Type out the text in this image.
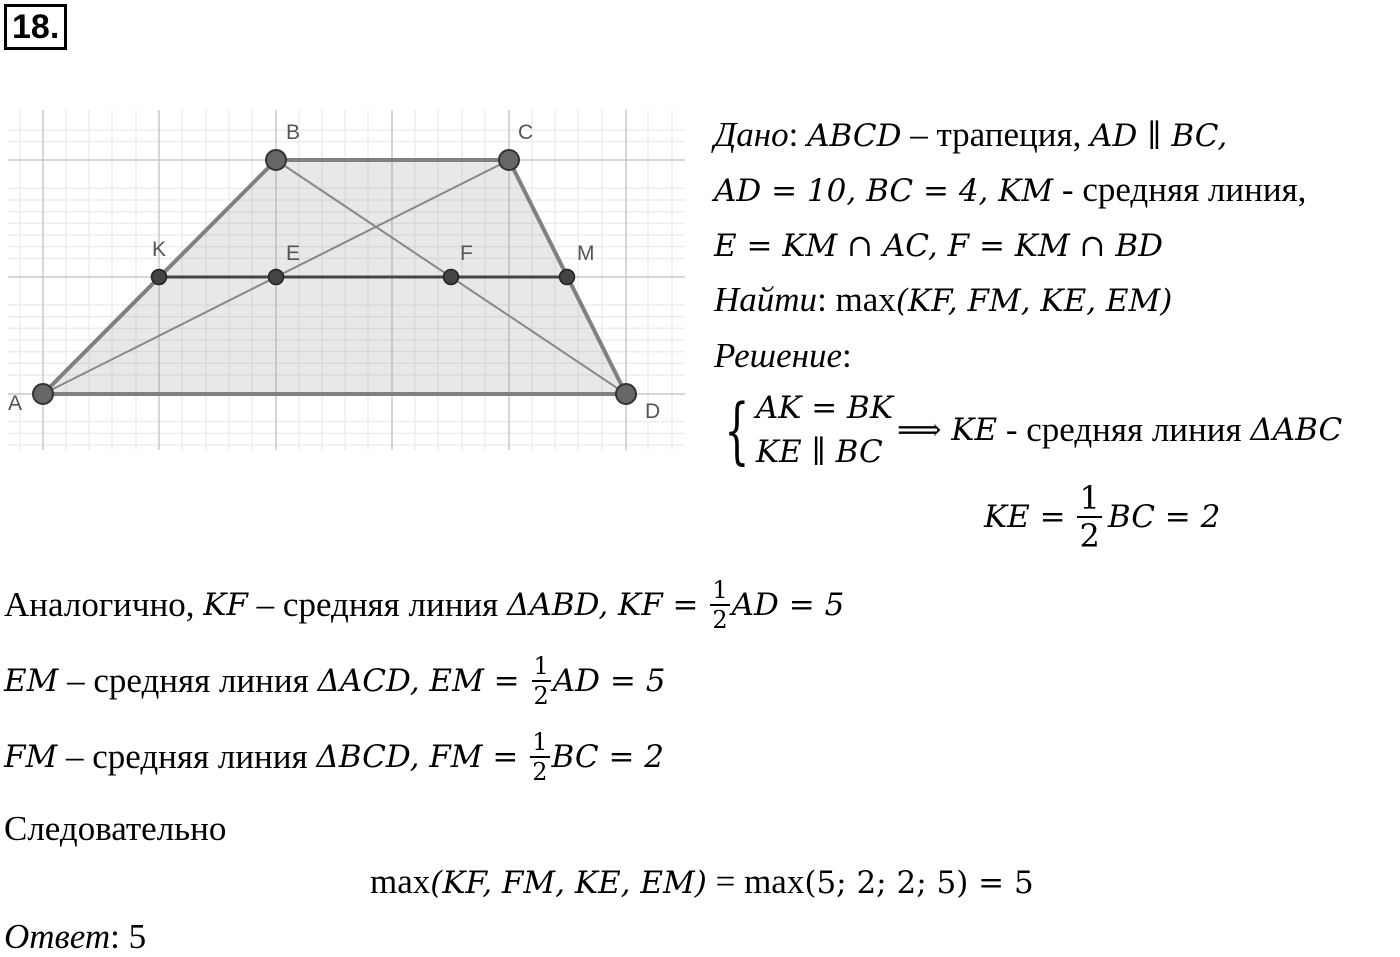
18.
A
B	C
D
K	E	F	M
Дано: ABCD – трапеция, AD ∥ BC,
AD = 10, BC = 4, KM - средняя линия,
E = KM ∩ AC, F = KM ∩ BD
Найти: max(KF, FM, KE, EM)
Решение:
{ AK = BK
KE ∥ BC
⟹ KE - средняя линия ΔABC
KE = $\frac{1}{2}$ BC = 2
Аналогично, KF – средняя линия ΔABD, KF = $\frac{1}{2}$ AD = 5
EM – средняя линия ΔACD, EM = $\frac{1}{2}$ AD = 5
FM – средняя линия ΔBCD, FM = $\frac{1}{2}$ BC = 2
Следовательно
max(KF, FM, KE, EM) = max(5; 2; 2; 5) = 5
Ответ: 5
